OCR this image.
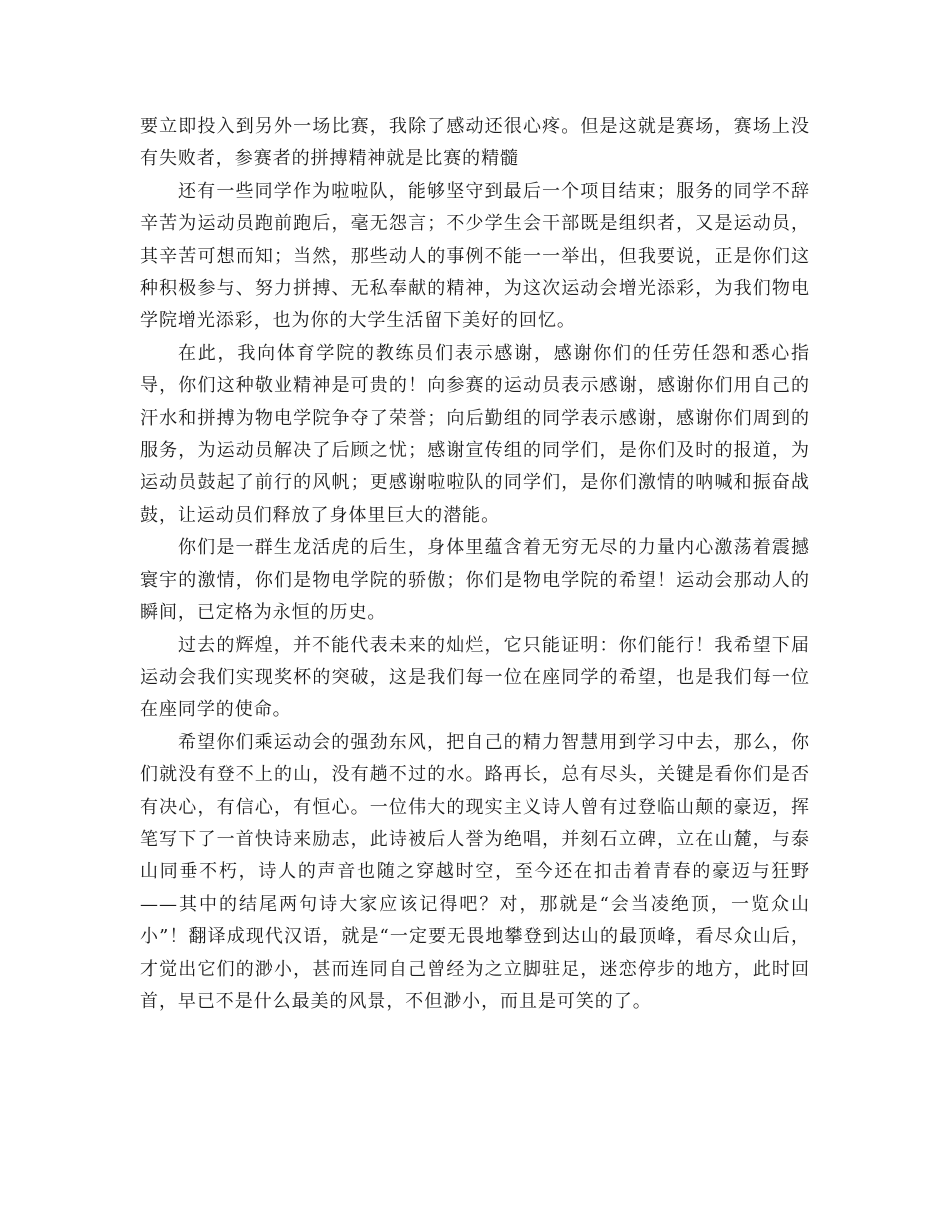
要立即投入到另外一场比赛，我除了感动还很心疼。但是这就是赛场，赛场上没有失败者，参赛者的拼搏精神就是比赛的精髓

还有一些同学作为啦啦队，能够坚守到最后一个项目结束；服务的同学不辞辛苦为运动员跑前跑后，毫无怨言；不少学生会干部既是组织者，又是运动员，其辛苦可想而知；当然，那些动人的事例不能一一举出，但我要说，正是你们这种积极参与、努力拼搏、无私奉献的精神，为这次运动会增光添彩，为我们物电学院增光添彩，也为你的大学生活留下美好的回忆。

在此，我向体育学院的教练员们表示感谢，感谢你们的任劳任怨和悉心指导，你们这种敬业精神是可贵的！向参赛的运动员表示感谢，感谢你们用自己的汗水和拼搏为物电学院争夺了荣誉；向后勤组的同学表示感谢，感谢你们周到的服务，为运动员解决了后顾之忧；感谢宣传组的同学们，是你们及时的报道，为运动员鼓起了前行的风帆；更感谢啦啦队的同学们，是你们激情的呐喊和振奋战鼓，让运动员们释放了身体里巨大的潜能。

你们是一群生龙活虎的后生，身体里蕴含着无穷无尽的力量内心激荡着震撼寰宇的激情，你们是物电学院的骄傲；你们是物电学院的希望！运动会那动人的瞬间，已定格为永恒的历史。

过去的辉煌，并不能代表未来的灿烂，它只能证明：你们能行！我希望下届运动会我们实现奖杯的突破，这是我们每一位在座同学的希望，也是我们每一位在座同学的使命。

希望你们乘运动会的强劲东风，把自己的精力智慧用到学习中去，那么，你们就没有登不上的山，没有趟不过的水。路再长，总有尽头，关键是看你们是否有决心，有信心，有恒心。一位伟大的现实主义诗人曾有过登临山颠的豪迈，挥笔写下了一首快诗来励志，此诗被后人誉为绝唱，并刻石立碑，立在山麓，与泰山同垂不朽，诗人的声音也随之穿越时空，至今还在扣击着青春的豪迈与狂野——其中的结尾两句诗大家应该记得吧？对，那就是“会当凌绝顶，一览众山小”！翻译成现代汉语，就是“一定要无畏地攀登到达山的最顶峰，看尽众山后，才觉出它们的渺小，甚而连同自己曾经为之立脚驻足，迷恋停步的地方，此时回首，早已不是什么最美的风景，不但渺小，而且是可笑的了。
